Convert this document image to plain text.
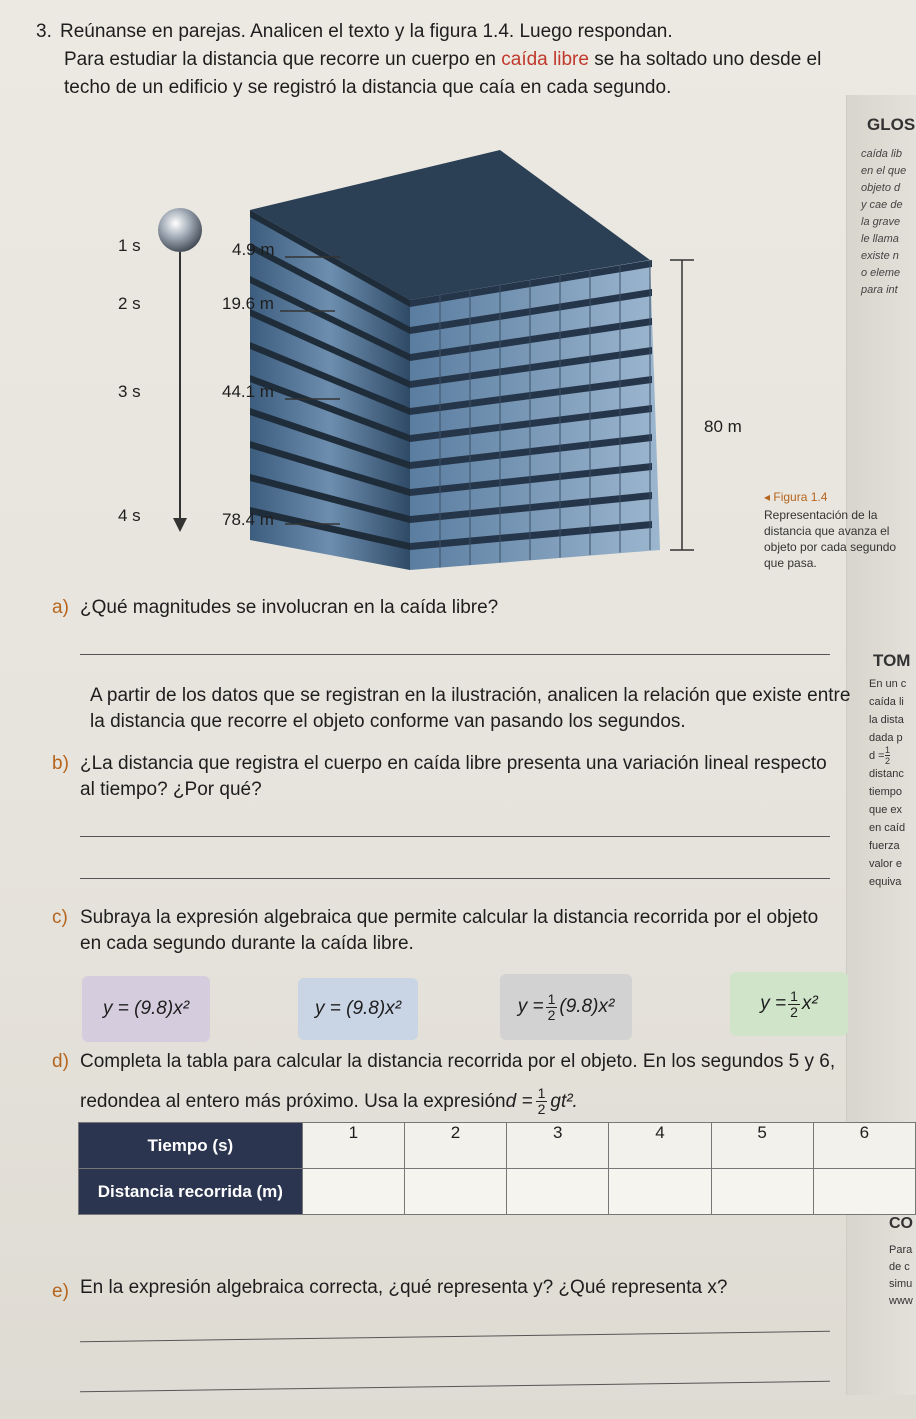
GLOS
caída lib
en el que
objeto d
y cae de
la grave
le llama
existe n
o eleme
para int
TOM
En un c
caída li
la dista
dada p
d =
distanc
tiempo
que ex
en caíd
fuerza
valor e
equiva
$\frac{1}{2}$
CO
Para
de c
simu
www
3. Reúnanse en parejas. Analicen el texto y la figura 1.4. Luego respondan.
Para estudiar la distancia que recorre un cuerpo en caída libre se ha soltado uno desde el
techo de un edificio y se registró la distancia que caía en cada segundo.
1 s
2 s
3 s
4 s
4.9 m
19.6 m
44.1 m
78.4 m
80 m
◂ Figura 1.4
Representación de la
distancia que avanza el
objeto por cada segundo
que pasa.
a) ¿Qué magnitudes se involucran en la caída libre?
A partir de los datos que se registran en la ilustración, analicen la relación que existe entre
la distancia que recorre el objeto conforme van pasando los segundos.
b) ¿La distancia que registra el cuerpo en caída libre presenta una variación lineal respecto
al tiempo? ¿Por qué?
c) Subraya la expresión algebraica que permite calcular la distancia recorrida por el objeto
en cada segundo durante la caída libre.
y = (9.8)x²	y = (9.8)x²	$y = \frac{1}{2} (9.8)x^2$	$y = \frac{1}{2} x^2$
d) Completa la tabla para calcular la distancia recorrida por el objeto. En los segundos 5 y 6,
redondea al entero más próximo. Usa la expresión $d = \frac{1}{2} gt^2$.
Tiempo (s)	1	2	3	4	5	6
Distancia recorrida (m)						
e) En la expresión algebraica correcta, ¿qué representa y? ¿Qué representa x?
